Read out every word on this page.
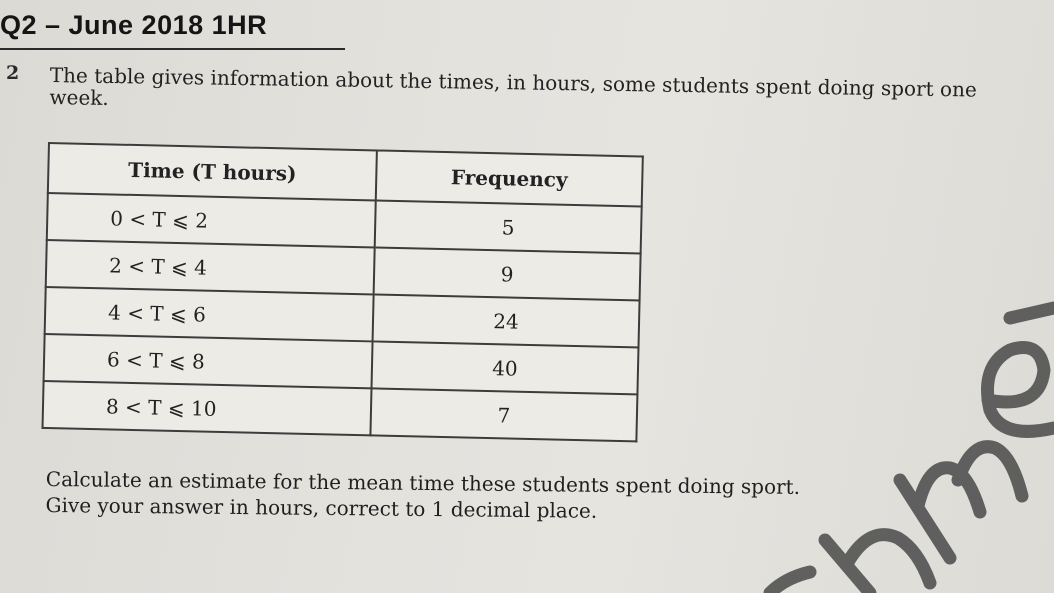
Q2 – June 2018 1HR
2 The table gives information about the times, in hours, some students spent doing sport one week.
Time (T hours)	Frequency
0 < T ⩽ 2	5
2 < T ⩽ 4	9
4 < T ⩽ 6	24
6 < T ⩽ 8	40
8 < T ⩽ 10	7
Calculate an estimate for the mean time these students spent doing sport.
Give your answer in hours, correct to 1 decimal place.
